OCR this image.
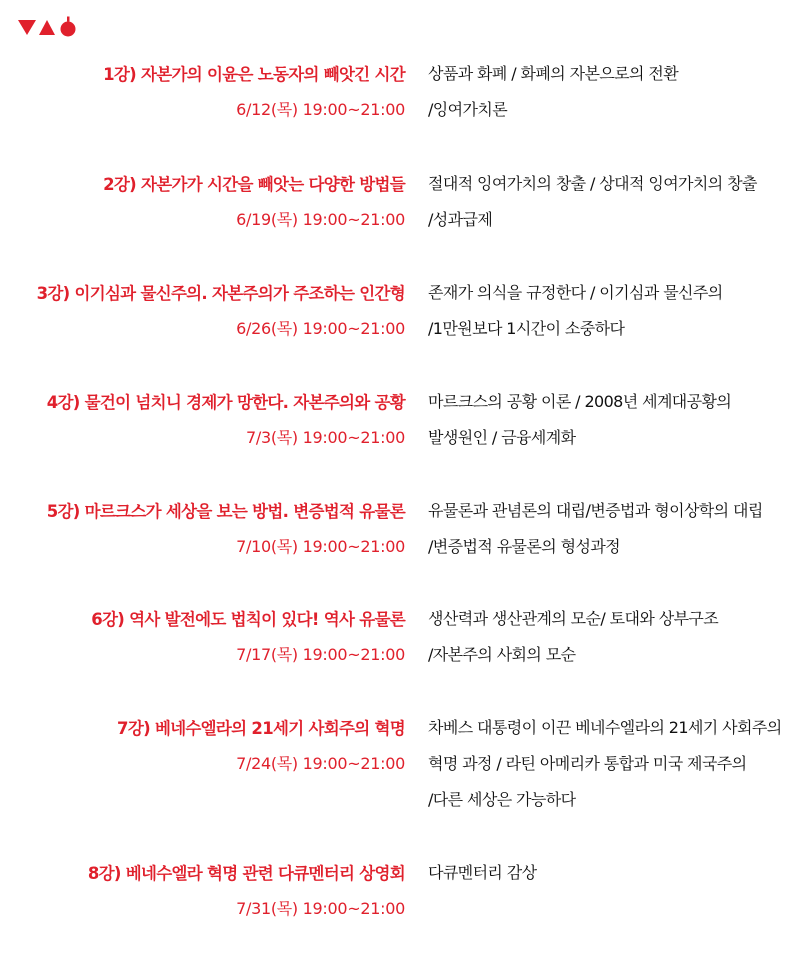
1강) 자본가의 이윤은 노동자의 빼앗긴 시간
6/12(목) 19:00~21:00
상품과 화폐 / 화폐의 자본으로의 전환
/잉여가치론
2강) 자본가가 시간을 빼앗는 다양한 방법들
6/19(목) 19:00~21:00
절대적 잉여가치의 창출 / 상대적 잉여가치의 창출
/성과급제
3강) 이기심과 물신주의. 자본주의가 주조하는 인간형
6/26(목) 19:00~21:00
존재가 의식을 규정한다 / 이기심과 물신주의
/1만원보다 1시간이 소중하다
4강) 물건이 넘치니 경제가 망한다. 자본주의와 공황
7/3(목) 19:00~21:00
마르크스의 공황 이론 / 2008년 세계대공황의
발생원인 / 금융세계화
5강) 마르크스가 세상을 보는 방법. 변증법적 유물론
7/10(목) 19:00~21:00
유물론과 관념론의 대립/변증법과 형이상학의 대립
/변증법적 유물론의 형성과정
6강) 역사 발전에도 법칙이 있다! 역사 유물론
7/17(목) 19:00~21:00
생산력과 생산관계의 모순/ 토대와 상부구조
/자본주의 사회의 모순
7강) 베네수엘라의 21세기 사회주의 혁명
7/24(목) 19:00~21:00
차베스 대통령이 이끈 베네수엘라의 21세기 사회주의
혁명 과정 / 라틴 아메리카 통합과 미국 제국주의
/다른 세상은 가능하다
8강) 베네수엘라 혁명 관련 다큐멘터리 상영회
7/31(목) 19:00~21:00
다큐멘터리 감상
